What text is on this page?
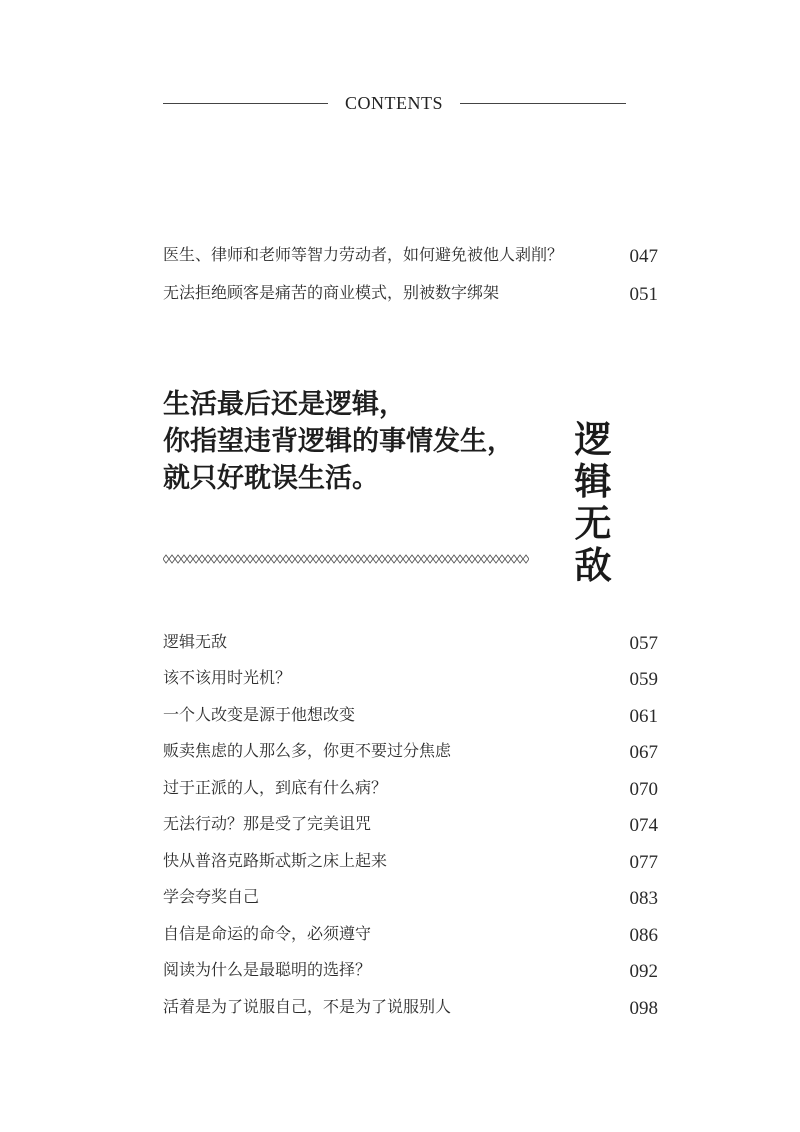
CONTENTS
医生、律师和老师等智力劳动者，如何避免被他人剥削？	047
无法拒绝顾客是痛苦的商业模式，别被数字绑架	051
生活最后还是逻辑，
你指望违背逻辑的事情发生，
就只好耽误生活。
逻
辑
无
敌
逻辑无敌	057
该不该用时光机？	059
一个人改变是源于他想改变	061
贩卖焦虑的人那么多，你更不要过分焦虑	067
过于正派的人，到底有什么病？	070
无法行动？那是受了完美诅咒	074
快从普洛克路斯忒斯之床上起来	077
学会夸奖自己	083
自信是命运的命令，必须遵守	086
阅读为什么是最聪明的选择？	092
活着是为了说服自己，不是为了说服别人	098
